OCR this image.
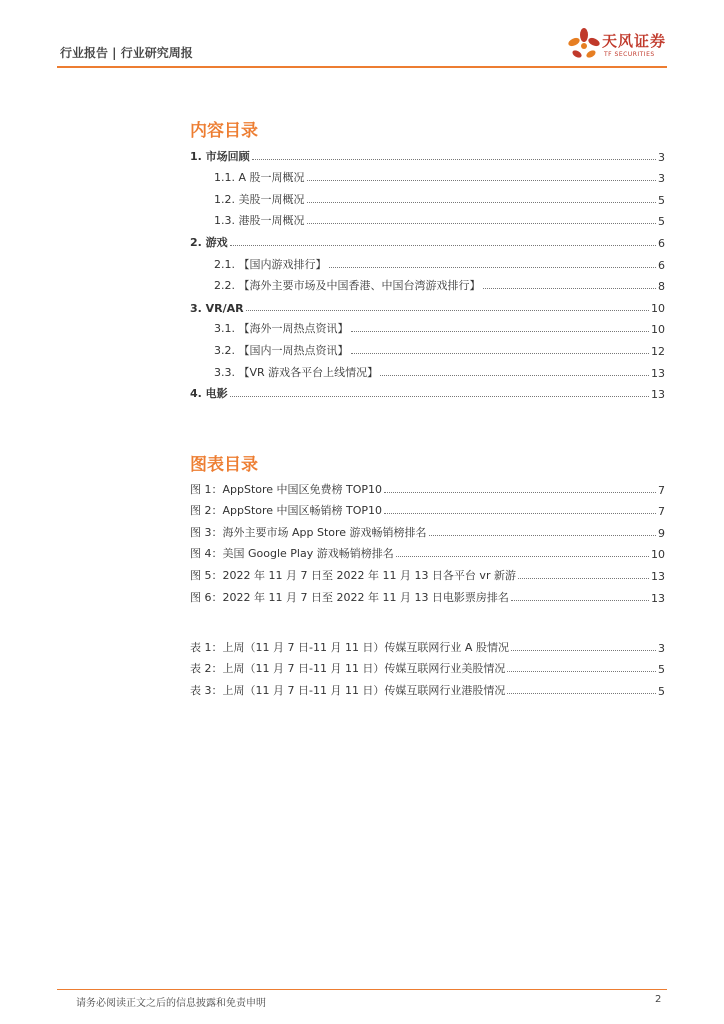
行业报告 | 行业研究周报
天风证券
TF SECURITIES
内容目录
1. 市场回顾	3
1.1. A 股一周概况	3
1.2. 美股一周概况	5
1.3. 港股一周概况	5
2. 游戏	6
2.1. 【国内游戏排行】	6
2.2. 【海外主要市场及中国香港、中国台湾游戏排行】	8
3. VR/AR	10
3.1. 【海外一周热点资讯】	10
3.2. 【国内一周热点资讯】	12
3.3. 【VR 游戏各平台上线情况】	13
4. 电影	13
图表目录
图 1：AppStore 中国区免费榜 TOP10	7
图 2：AppStore 中国区畅销榜 TOP10	7
图 3：海外主要市场 App Store 游戏畅销榜排名	9
图 4：美国 Google Play 游戏畅销榜排名	10
图 5：2022 年 11 月 7 日至 2022 年 11 月 13 日各平台 vr 新游	13
图 6：2022 年 11 月 7 日至 2022 年 11 月 13 日电影票房排名	13
表 1：上周（11 月 7 日-11 月 11 日）传媒互联网行业 A 股情况	3
表 2：上周（11 月 7 日-11 月 11 日）传媒互联网行业美股情况	5
表 3：上周（11 月 7 日-11 月 11 日）传媒互联网行业港股情况	5
请务必阅读正文之后的信息披露和免责申明	2
